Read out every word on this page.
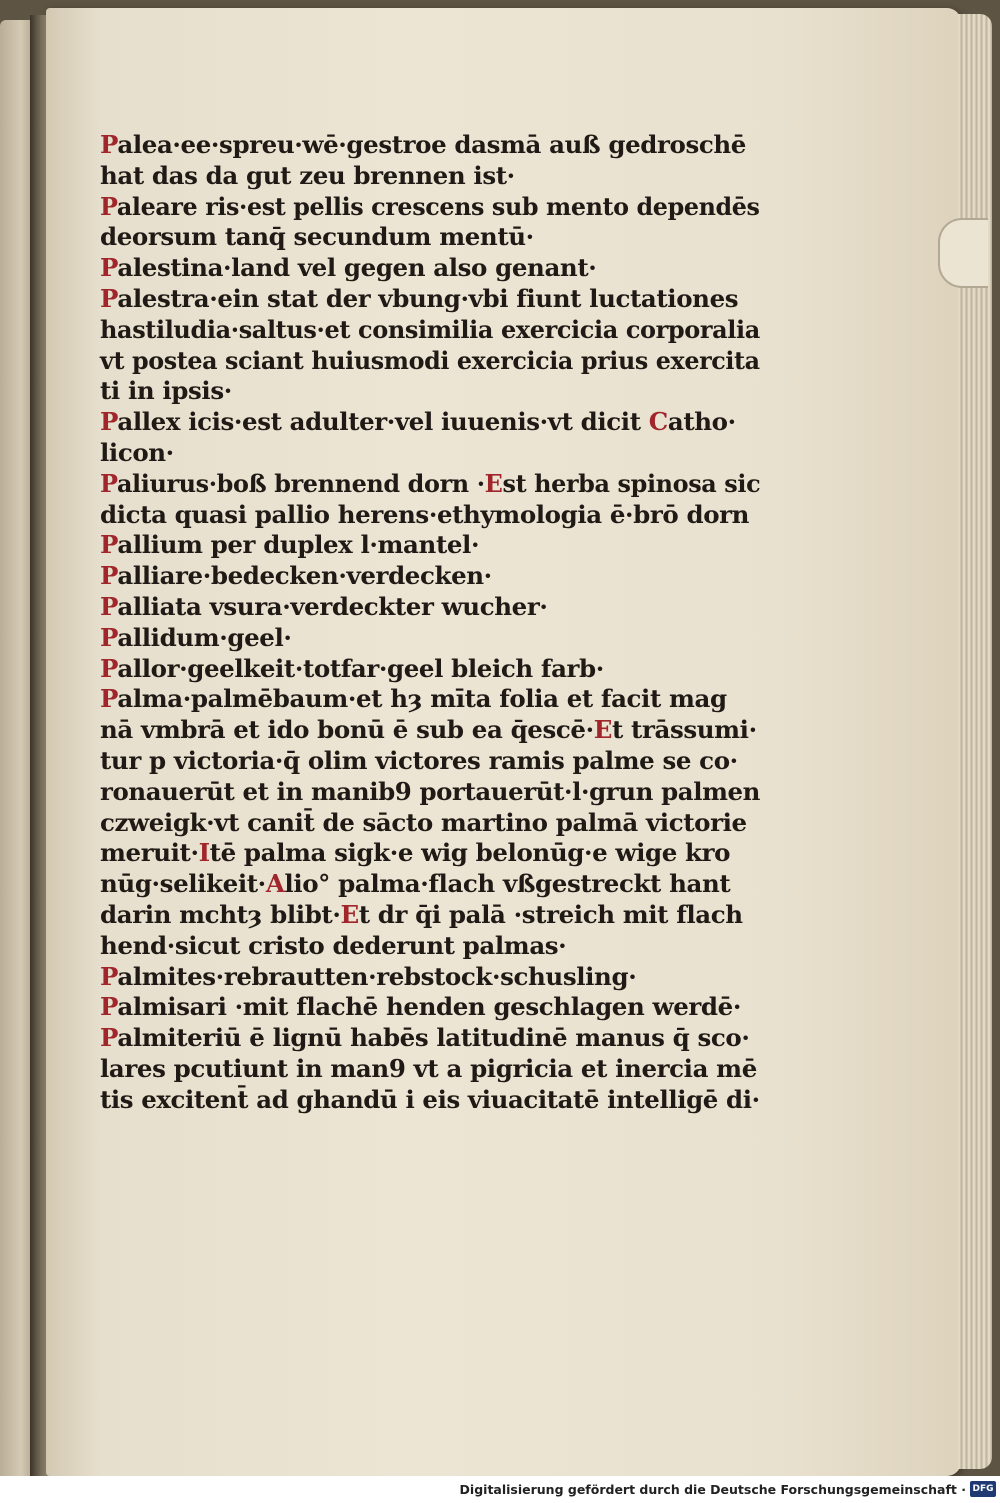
Palea·ee·spreu·wē·gestroe dasmā auß gedroschē
hat das da gut zeu brennen ist·
Paleare ris·est pellis crescens sub mento dependēs
deorsum tanq̄ secundum mentū·
Palestina·land vel gegen also genant·
Palestra·ein stat der vbung·vbi fiunt luctationes
hastiludia·saltus·et consimilia exercicia corporalia
vt postea sciant huiusmodi exercicia prius exercita
ti in ipsis·
Pallex icis·est adulter·vel iuuenis·vt dicit Catho·
licon·
Paliurus·boß brennend dorn ·Est herba spinosa sic
dicta quasi pallio herens·ethymologia ē·brō dorn
Pallium per duplex l·mantel·
Palliare·bedecken·verdecken·
Palliata vsura·verdeckter wucher·
Pallidum·geel·
Pallor·geelkeit·totfar·geel bleich farb·
Palma·palmēbaum·et hȝ mīta folia et facit mag
nā vmbrā et ido bonū ē sub ea q̄escē·Et trāssumi·
tur p victoria·q̄ olim victores ramis palme se co·
ronauerūt et in manib9 portauerūt·l·grun palmen
czweigk·vt canit̄ de sācto martino palmā victorie
meruit·Itē palma sigk·e wig belonūg·e wige kro
nūg·selikeit·Alio° palma·flach vßgestreckt hant
darin mchtȝ blibt·Et dr q̄i palā ·streich mit flach
hend·sicut cristo dederunt palmas·
Palmites·rebrautten·rebstock·schusling·
Palmisari ·mit flachē henden geschlagen werdē·
Palmiteriū ē lignū habēs latitudinē manus q̄ sco·
lares pcutiunt in man9 vt a pigricia et inercia mē
tis excitent̄ ad ghandū i eis viuacitatē intelligē di·
Digitalisierung gefördert durch die Deutsche Forschungsgemeinschaft · DFG
